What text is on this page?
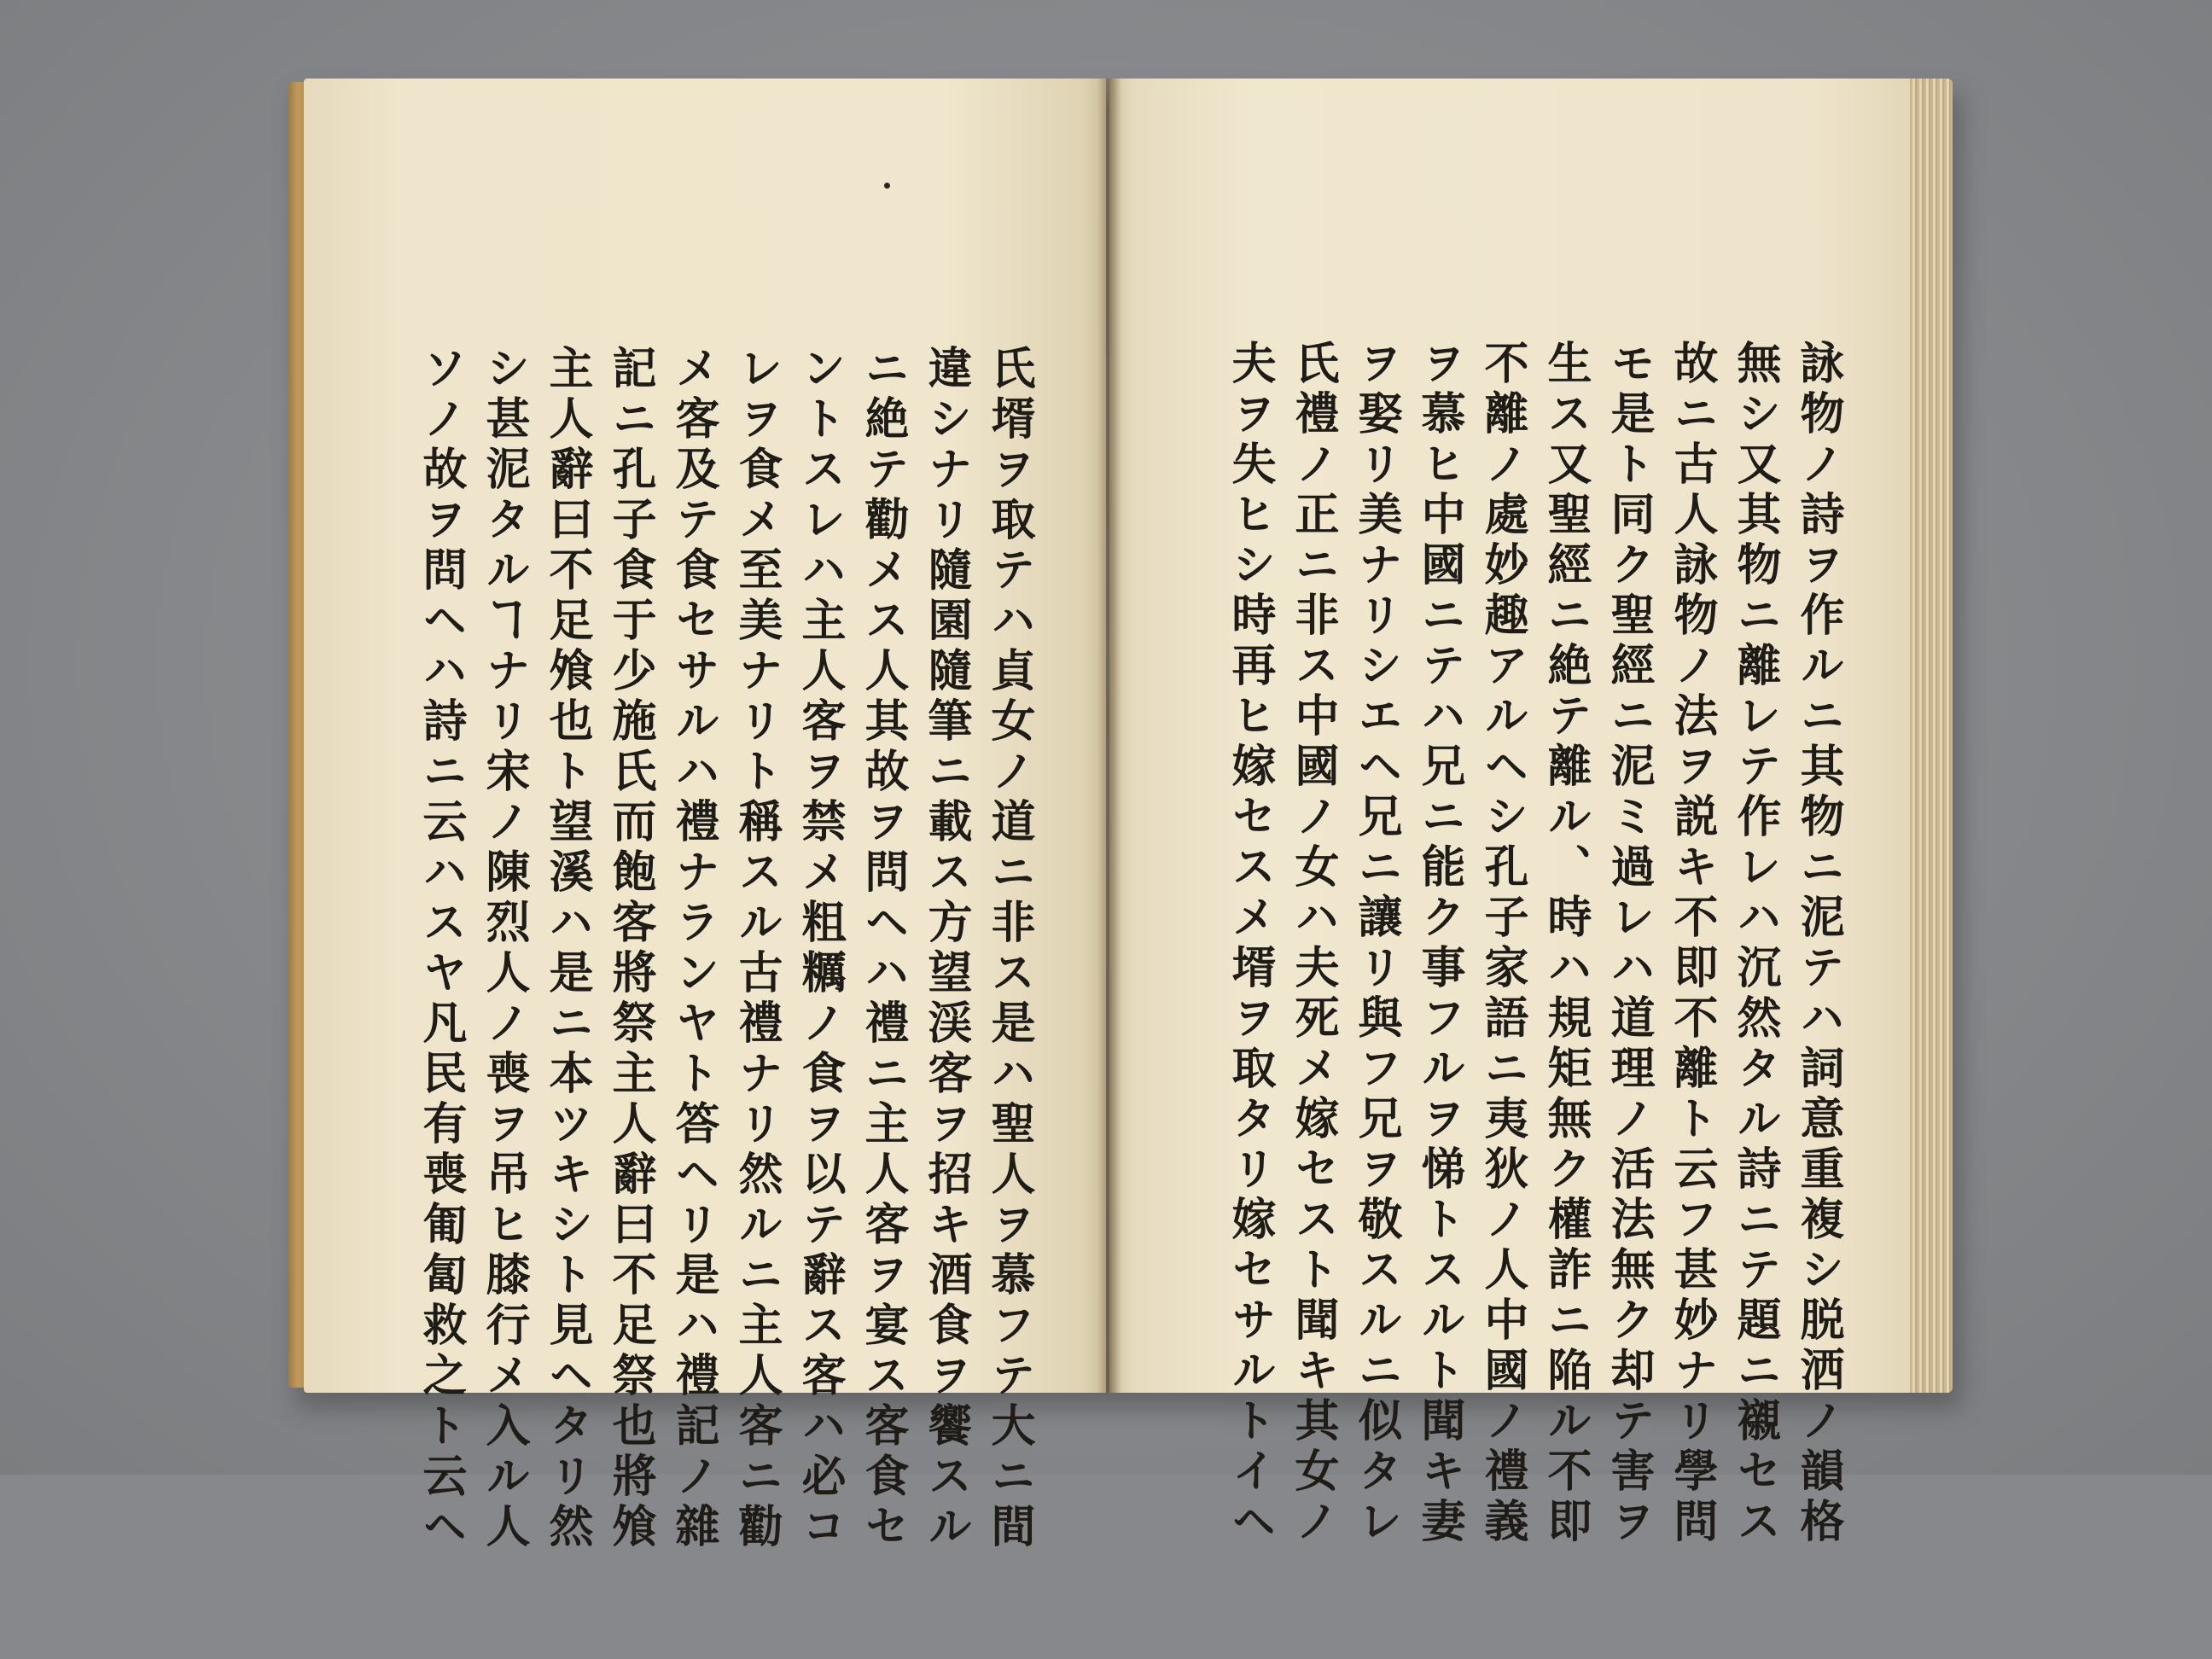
氏壻ヲ取テハ貞女ノ道ニ非ス是ハ聖人ヲ慕フテ大ニ間
違シナリ隨園隨筆ニ載ス方望渓客ヲ招キ酒食ヲ饗スル
ニ絶テ勸メス人其故ヲ問ヘハ禮ニ主人客ヲ宴ス客食セ
ントスレハ主人客ヲ禁メ粗糲ノ食ヲ以テ辭ス客ハ必コ
レヲ食メ至美ナリト稱スル古禮ナリ然ルニ主人客ニ勸
メ客及テ食セサルハ禮ナランヤト答ヘリ是ハ禮記ノ雜
記ニ孔子食于少施氏而飽客將祭主人辭曰不足祭也將飧
主人辭曰不足飧也ト望溪ハ是ニ本ツキシト見ヘタリ然
シ甚泥タルヿナリ宋ノ陳烈人ノ喪ヲ吊ヒ膝行メ入ル人
ソノ故ヲ問ヘハ詩ニ云ハスヤ凡民有喪匍匐救之ト云ヘ	詠物ノ詩ヲ作ルニ其物ニ泥テハ詞意重複シ脱洒ノ韻格
無シ又其物ニ離レテ作レハ沉然タル詩ニテ題ニ襯セス
故ニ古人詠物ノ法ヲ説キ不即不離ト云フ甚妙ナリ學問
モ是ト同ク聖經ニ泥ミ過レハ道理ノ活法無ク却テ害ヲ
生ス又聖經ニ絶テ離ル、時ハ規矩無ク權詐ニ陥ル不即
不離ノ處妙趣アルヘシ孔子家語ニ夷狄ノ人中國ノ禮義
ヲ慕ヒ中國ニテハ兄ニ能ク事フルヲ悌トスルト聞キ妻
ヲ娶リ美ナリシエヘ兄ニ讓リ與フ兄ヲ敬スルニ似タレ
氏禮ノ正ニ非ス中國ノ女ハ夫死メ嫁セスト聞キ其女ノ
夫ヲ失ヒシ時再ヒ嫁セスメ壻ヲ取タリ嫁セサルトイヘ
